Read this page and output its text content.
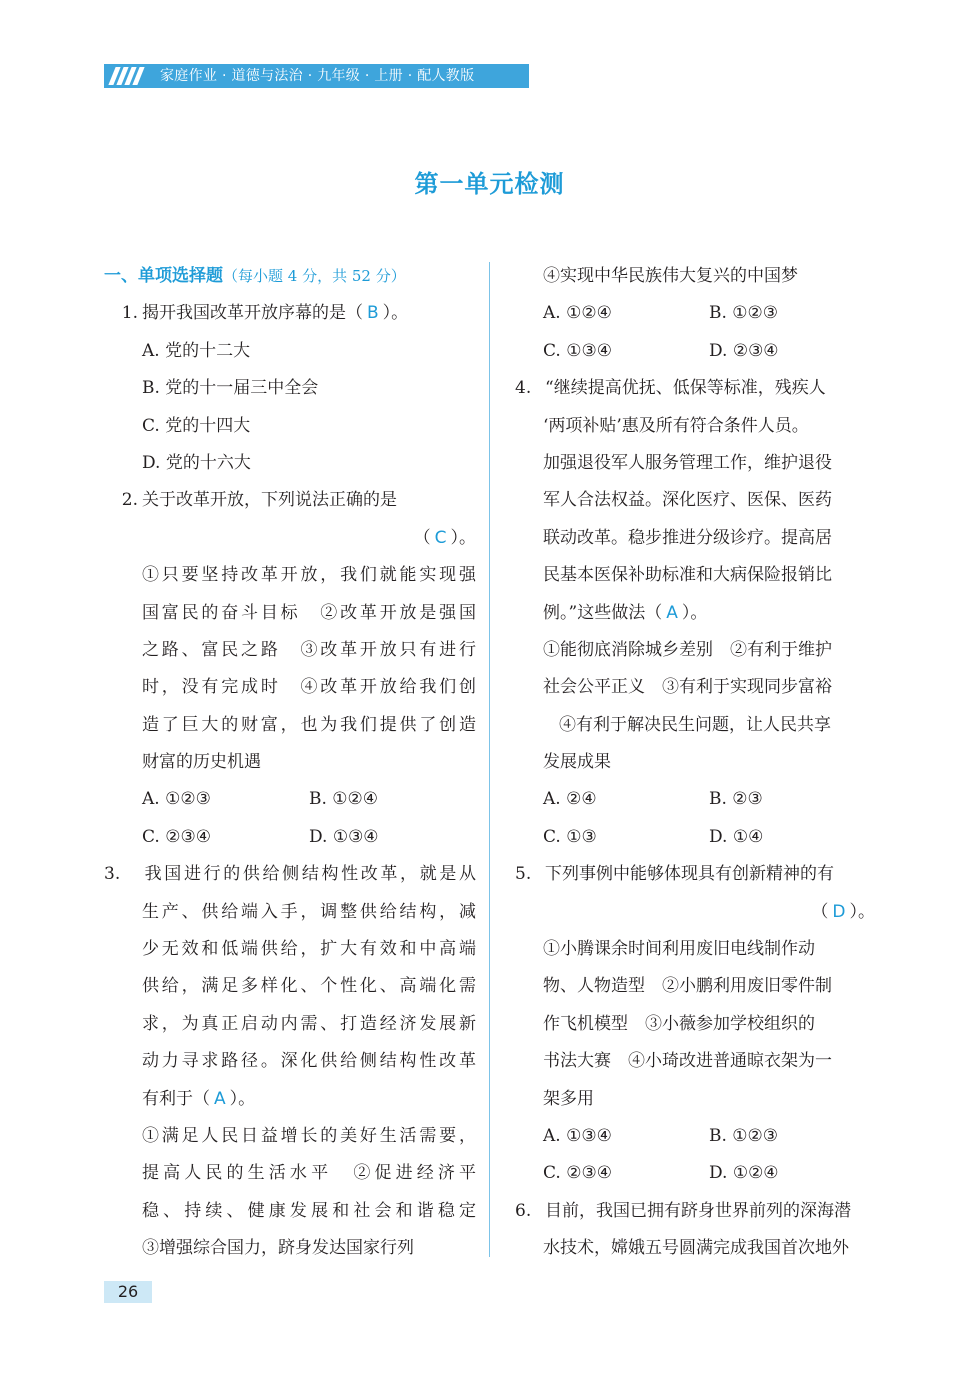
家庭作业 · 道德与法治 · 九年级 · 上册 · 配人教版
第一单元检测
一、单项选择题（每小题 4 分，共 52 分）
1. 揭开我国改革开放序幕的是（ B ）。
A. 党的十二大
B. 党的十一届三中全会
C. 党的十四大
D. 党的十六大
2. 关于改革开放，下列说法正确的是
（ C ）。
①只要坚持改革开放，我们就能实现强
国富民的奋斗目标　②改革开放是强国
之路、富民之路　③改革开放只有进行
时，没有完成时　④改革开放给我们创
造了巨大的财富，也为我们提供了创造
财富的历史机遇
A. ①②③	B. ①②④
C. ②③④	D. ①③④
3. 我国进行的供给侧结构性改革，就是从
生产、供给端入手，调整供给结构，减
少无效和低端供给，扩大有效和中高端
供给，满足多样化、个性化、高端化需
求，为真正启动内需、打造经济发展新
动力寻求路径。深化供给侧结构性改革
有利于（ A ）。
①满足人民日益增长的美好生活需要，
提高人民的生活水平　②促进经济平
稳、持续、健康发展和社会和谐稳定
③增强综合国力，跻身发达国家行列
④实现中华民族伟大复兴的中国梦
A. ①②④	B. ①②③
C. ①③④	D. ②③④
4. “继续提高优抚、低保等标准，残疾人
‘两项补贴’惠及所有符合条件人员。
加强退役军人服务管理工作，维护退役
军人合法权益。深化医疗、医保、医药
联动改革。稳步推进分级诊疗。提高居
民基本医保补助标准和大病保险报销比
例。”这些做法（ A ）。
①能彻底消除城乡差别　②有利于维护
社会公平正义　③有利于实现同步富裕
④有利于解决民生问题，让人民共享
发展成果
A. ②④	B. ②③
C. ①③	D. ①④
5. 下列事例中能够体现具有创新精神的有
（ D ）。
①小腾课余时间利用废旧电线制作动
物、人物造型　②小鹏利用废旧零件制
作飞机模型　③小薇参加学校组织的
书法大赛　④小琦改进普通晾衣架为一
架多用
A. ①③④	B. ①②③
C. ②③④	D. ①②④
6. 目前，我国已拥有跻身世界前列的深海潜
水技术，嫦娥五号圆满完成我国首次地外
26
